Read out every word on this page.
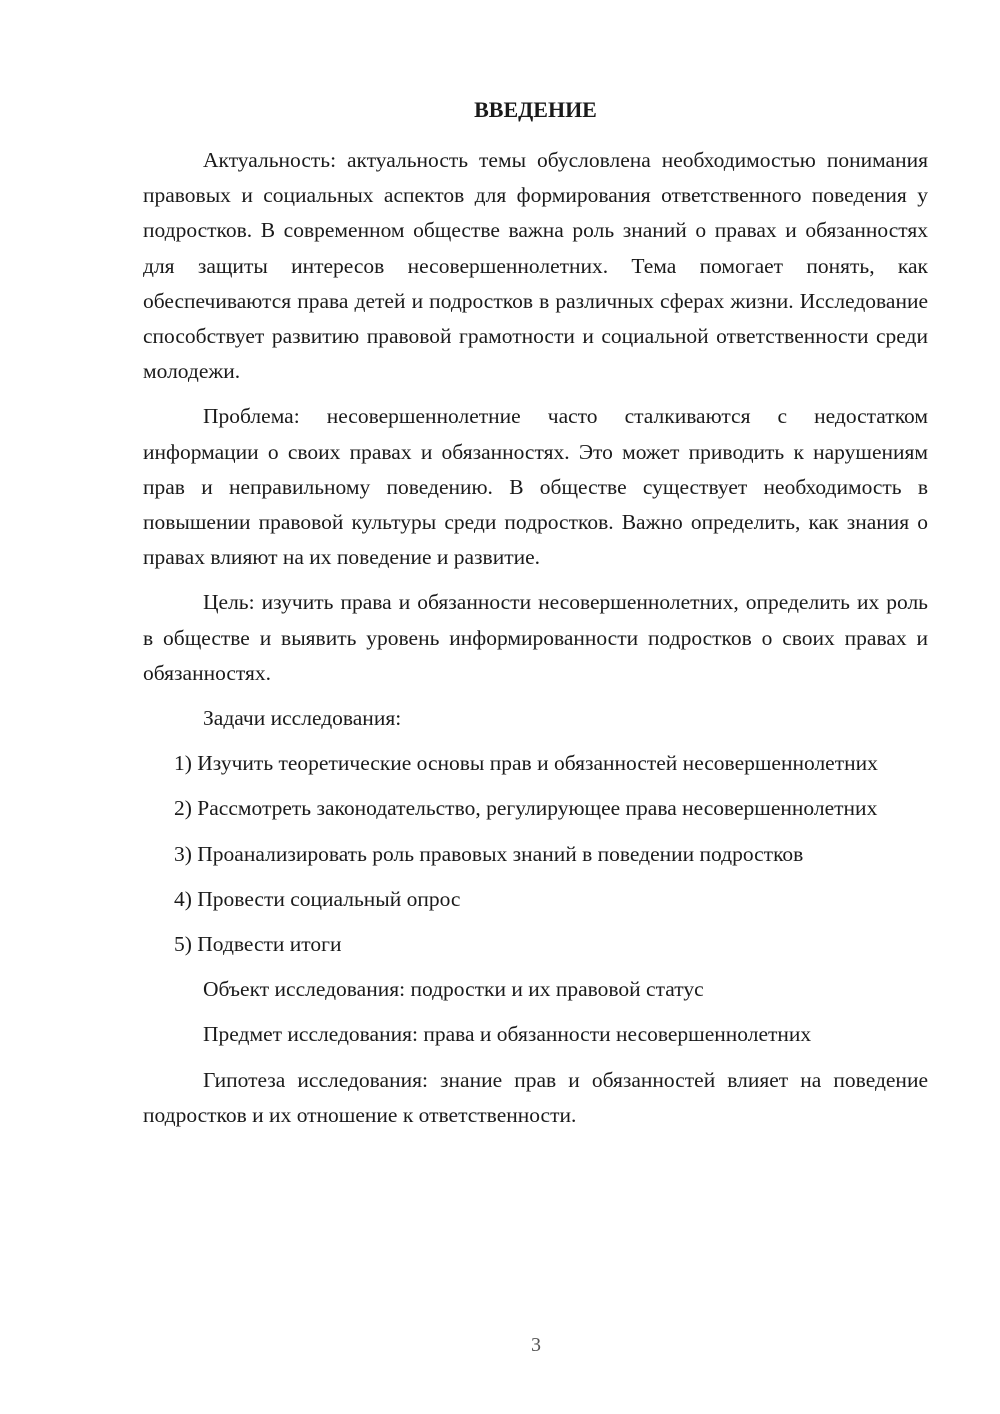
ВВЕДЕНИЕ

Актуальность: актуальность темы обусловлена необходимостью понимания правовых и социальных аспектов для формирования ответственного поведения у подростков. В современном обществе важна роль знаний о правах и обязанностях для защиты интересов несовершеннолетних. Тема помогает понять, как обеспечиваются права детей и подростков в различных сферах жизни. Исследование способствует развитию правовой грамотности и социальной ответственности среди молодежи.

Проблема: несовершеннолетние часто сталкиваются с недостатком информации о своих правах и обязанностях. Это может приводить к нарушениям прав и неправильному поведению. В обществе существует необходимость в повышении правовой культуры среди подростков. Важно определить, как знания о правах влияют на их поведение и развитие.

Цель: изучить права и обязанности несовершеннолетних, определить их роль в обществе и выявить уровень информированности подростков о своих правах и обязанностях.

Задачи исследования:

1) Изучить теоретические основы прав и обязанностей несовершеннолетних

2) Рассмотреть законодательство, регулирующее права несовершеннолетних

3) Проанализировать роль правовых знаний в поведении подростков

4) Провести социальный опрос

5) Подвести итоги

Объект исследования: подростки и их правовой статус

Предмет исследования: права и обязанности несовершеннолетних

Гипотеза исследования: знание прав и обязанностей влияет на поведение подростков и их отношение к ответственности.

3
